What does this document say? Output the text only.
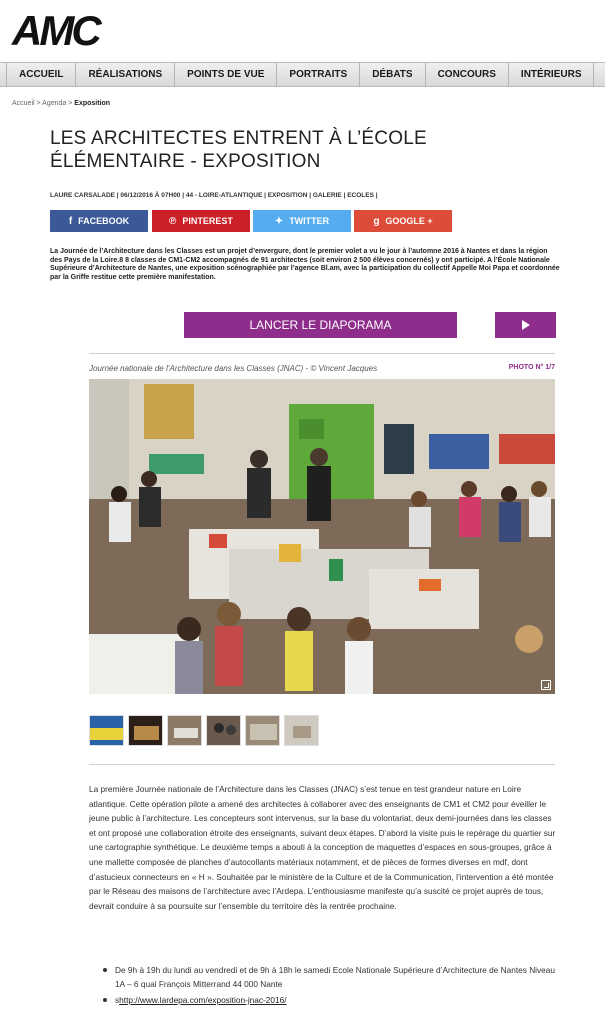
AMC
ACCUEIL	RÉALISATIONS	POINTS DE VUE	PORTRAITS	DÉBATS	CONCOURS	INTÉRIEURS
Accueil > Agenda > Exposition
LES ARCHITECTES ENTRENT À L’ÉCOLE
ÉLÉMENTAIRE - EXPOSITION
LAURE CARSALADE | 06/12/2016 À 07H00 | 44 - LOIRE-ATLANTIQUE | EXPOSITION | GALERIE | ECOLES |
f FACEBOOK	℗ PINTEREST	✦ TWITTER	g GOOGLE +

La Journée de l’Architecture dans les Classes est un projet d’envergure, dont le premier volet a vu le jour à l’automne 2016 à Nantes et dans la région des Pays de la Loire.8 8 classes de CM1-CM2 accompagnés de 91 architectes (soit environ 2 500 élèves concernés) y ont participé. A l’École Nationale Supérieure d’Architecture de Nantes, une exposition scénographiée par l’agence Bl.am, avec la participation du collectif Appelle Moi Papa et coordonnée par la Griffe restitue cette première manifestation.

LANCER LE DIAPORAMA
Journée nationale de l’Architecture dans les Classes (JNAC) - © Vincent Jacques	PHOTO N° 1/7

La première Journée nationale de l’Architecture dans les Classes (JNAC) s’est tenue en test grandeur nature en Loire atlantique. Cette opération pilote a amené des architectes à collaborer avec des enseignants de CM1 et CM2 pour éveiller le jeune public à l’architecture. Les concepteurs sont intervenus, sur la base du volontariat, deux demi-journées dans les classes et ont proposé une collaboration étroite des enseignants, suivant deux étapes. D’abord la visite puis le repérage du quartier sur une cartographie synthétique. Le deuxième temps a abouti à la conception de maquettes d’espaces en sous-groupes, grâce à une mallette composée de planches d’autocollants matériaux notamment, et de pièces de formes diverses en mdf, dont d’astucieux connecteurs en « H ». Souhaitée par le ministère de la Culture et de la Communication, l’intervention a été montée par le Réseau des maisons de l’architecture avec l’Ardepa. L’enthousiasme manifeste qu’a suscité ce projet auprès de tous, devrait conduire à sa poursuite sur l’ensemble du territoire dès la rentrée prochaine.

De 9h à 19h du lundi au vendredi et de 9h à 18h le samedi Ecole Nationale Supérieure d’Architecture de Nantes Niveau 1A – 6 quai François Mitterrand 44 000 Nante
shttp://www.lardepa.com/exposition-jnac-2016/
